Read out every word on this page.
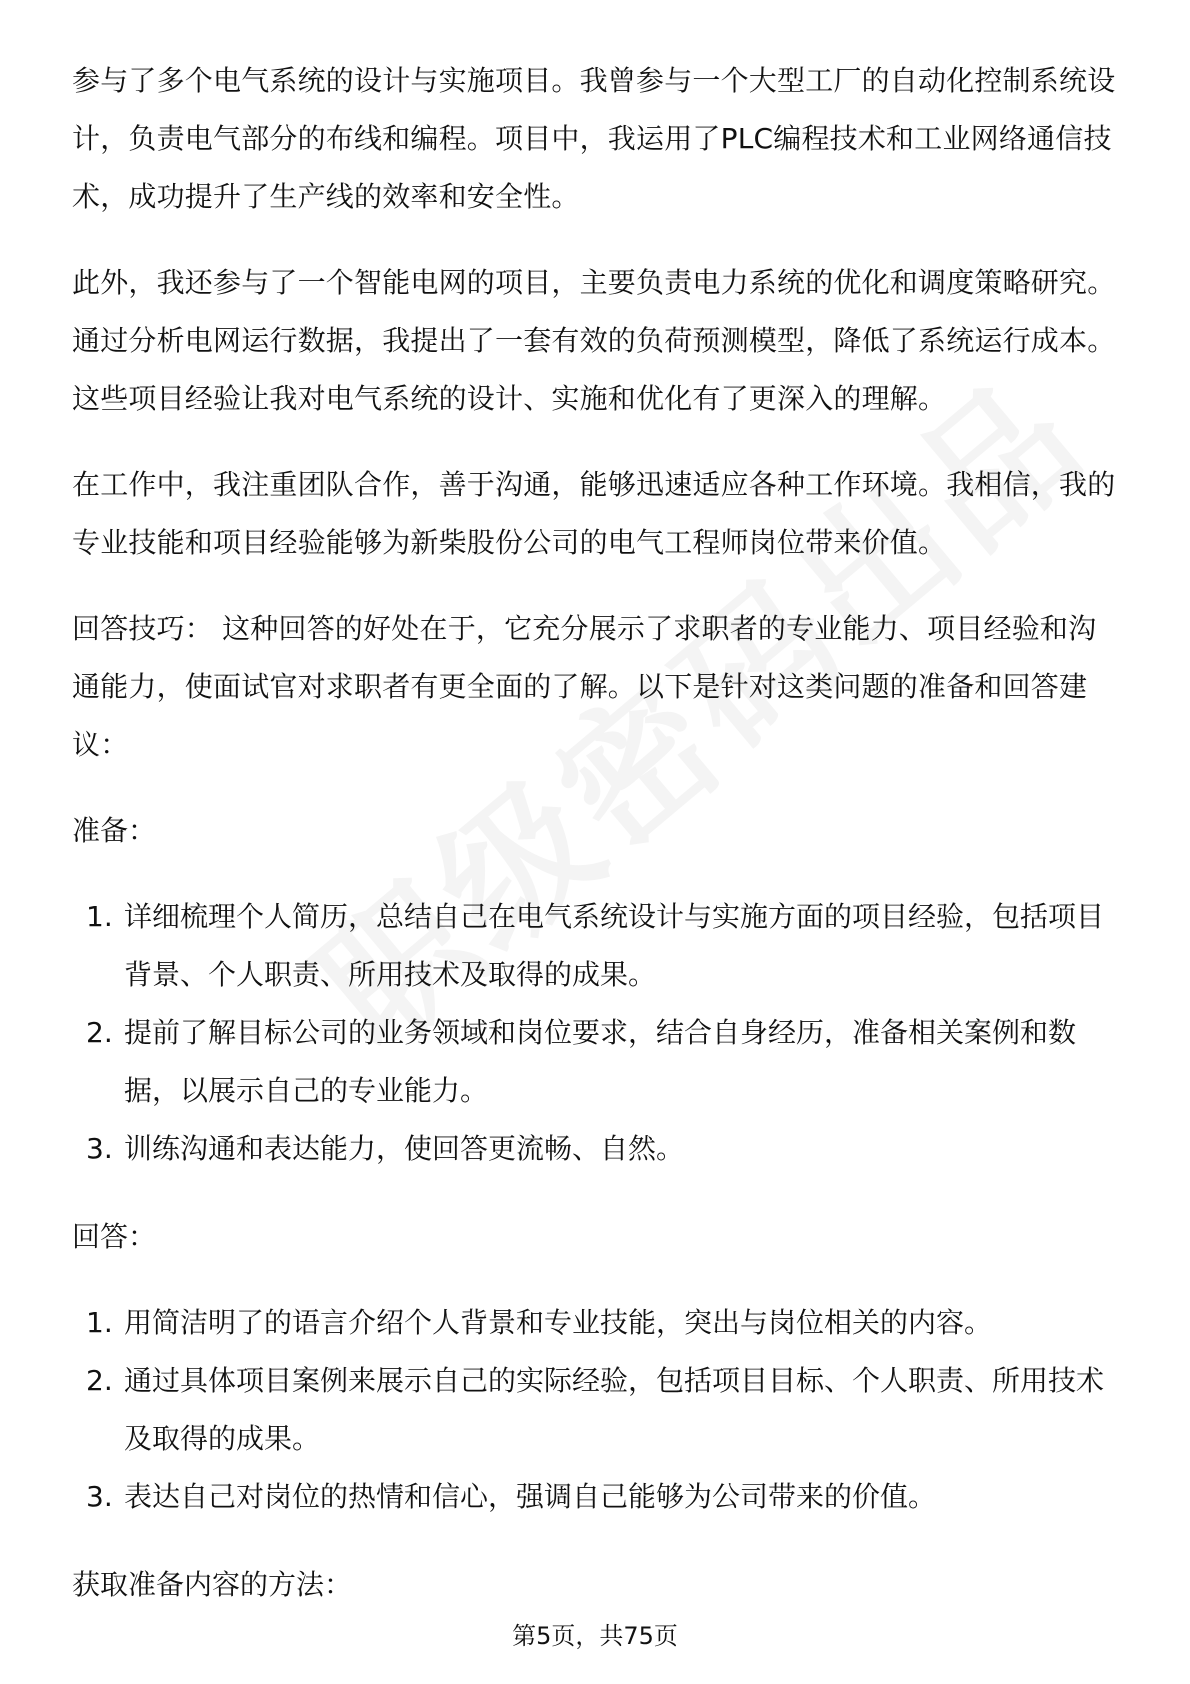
参与了多个电气系统的设计与实施项目。我曾参与一个大型工厂的自动化控制系统设计，负责电气部分的布线和编程。项目中，我运用了PLC编程技术和工业网络通信技术，成功提升了生产线的效率和安全性。

此外，我还参与了一个智能电网的项目，主要负责电力系统的优化和调度策略研究。通过分析电网运行数据，我提出了一套有效的负荷预测模型，降低了系统运行成本。这些项目经验让我对电气系统的设计、实施和优化有了更深入的理解。

在工作中，我注重团队合作，善于沟通，能够迅速适应各种工作环境。我相信，我的专业技能和项目经验能够为新柴股份公司的电气工程师岗位带来价值。

回答技巧： 这种回答的好处在于，它充分展示了求职者的专业能力、项目经验和沟通能力，使面试官对求职者有更全面的了解。以下是针对这类问题的准备和回答建议：

准备：
1. 详细梳理个人简历，总结自己在电气系统设计与实施方面的项目经验，包括项目背景、个人职责、所用技术及取得的成果。
2. 提前了解目标公司的业务领域和岗位要求，结合自身经历，准备相关案例和数据，以展示自己的专业能力。
3. 训练沟通和表达能力，使回答更流畅、自然。
回答：
1. 用简洁明了的语言介绍个人背景和专业技能，突出与岗位相关的内容。
2. 通过具体项目案例来展示自己的实际经验，包括项目目标、个人职责、所用技术及取得的成果。
3. 表达自己对岗位的热情和信心，强调自己能够为公司带来的价值。
获取准备内容的方法：
第5页，共75页
